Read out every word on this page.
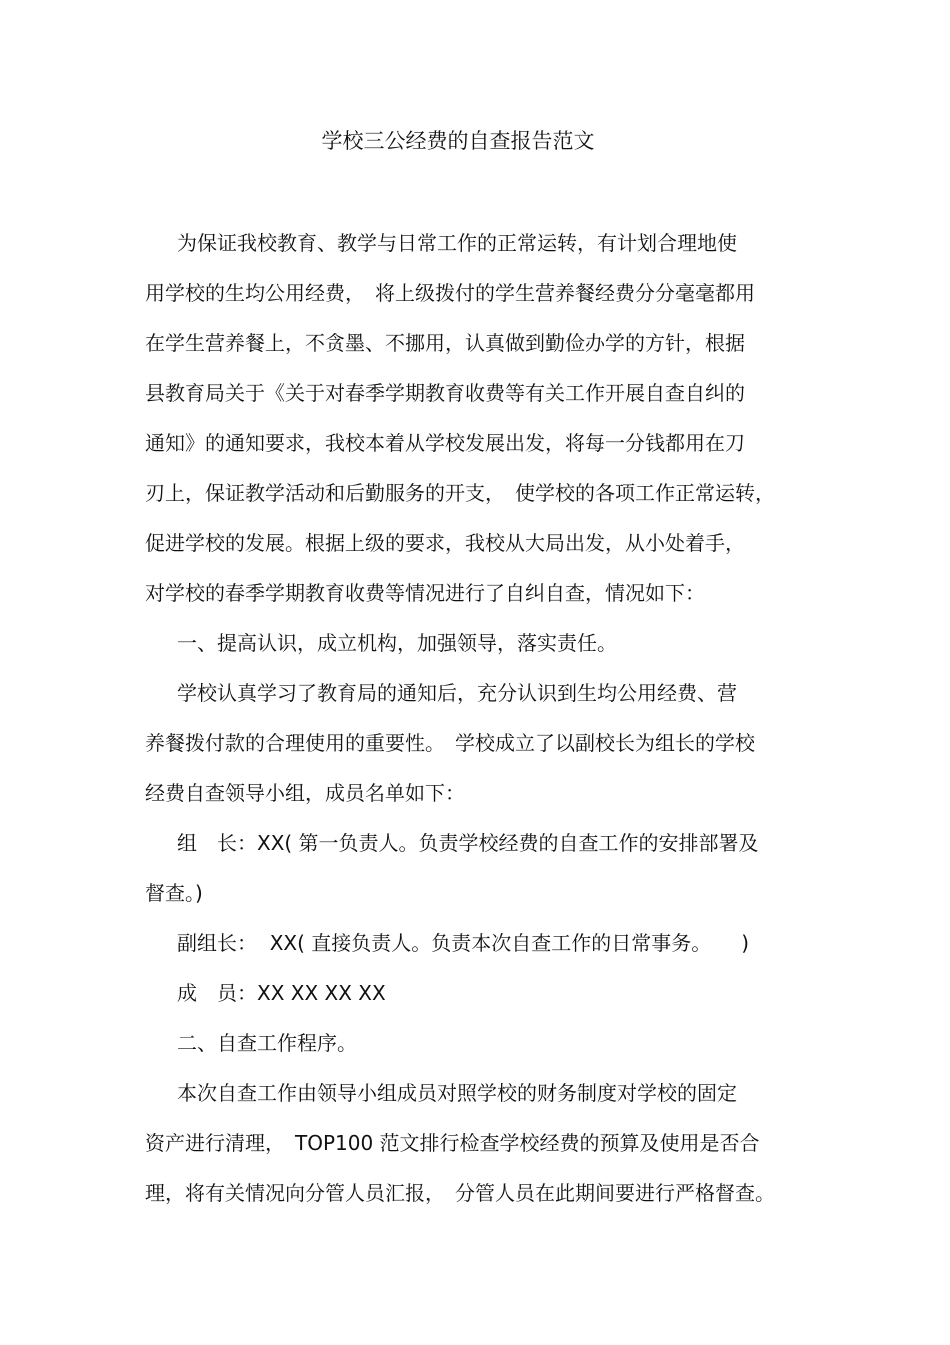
学校三公经费的自查报告范文
为保证我校教育、教学与日常工作的正常运转，有计划合理地使
用学校的生均公用经费，　将上级拨付的学生营养餐经费分分毫毫都用
在学生营养餐上，不贪墨、不挪用，认真做到勤俭办学的方针，根据
县教育局关于《关于对春季学期教育收费等有关工作开展自查自纠的
通知》的通知要求，我校本着从学校发展出发，将每一分钱都用在刀
刃上，保证教学活动和后勤服务的开支，　使学校的各项工作正常运转，
促进学校的发展。根据上级的要求，我校从大局出发，从小处着手，
对学校的春季学期教育收费等情况进行了自纠自查，情况如下：
一、提高认识，成立机构，加强领导，落实责任。
学校认真学习了教育局的通知后，充分认识到生均公用经费、营
养餐拨付款的合理使用的重要性。　学校成立了以副校长为组长的学校
经费自查领导小组，成员名单如下：
组　长：XX( 第一负责人。负责学校经费的自查工作的安排部署及
督查。)
副组长：  XX( 直接负责人。负责本次自查工作的日常事务。　　)
成　员：XX XX XX XX
二、自查工作程序。
本次自查工作由领导小组成员对照学校的财务制度对学校的固定
资产进行清理，　TOP100 范文排行检查学校经费的预算及使用是否合
理，将有关情况向分管人员汇报，　分管人员在此期间要进行严格督查。
